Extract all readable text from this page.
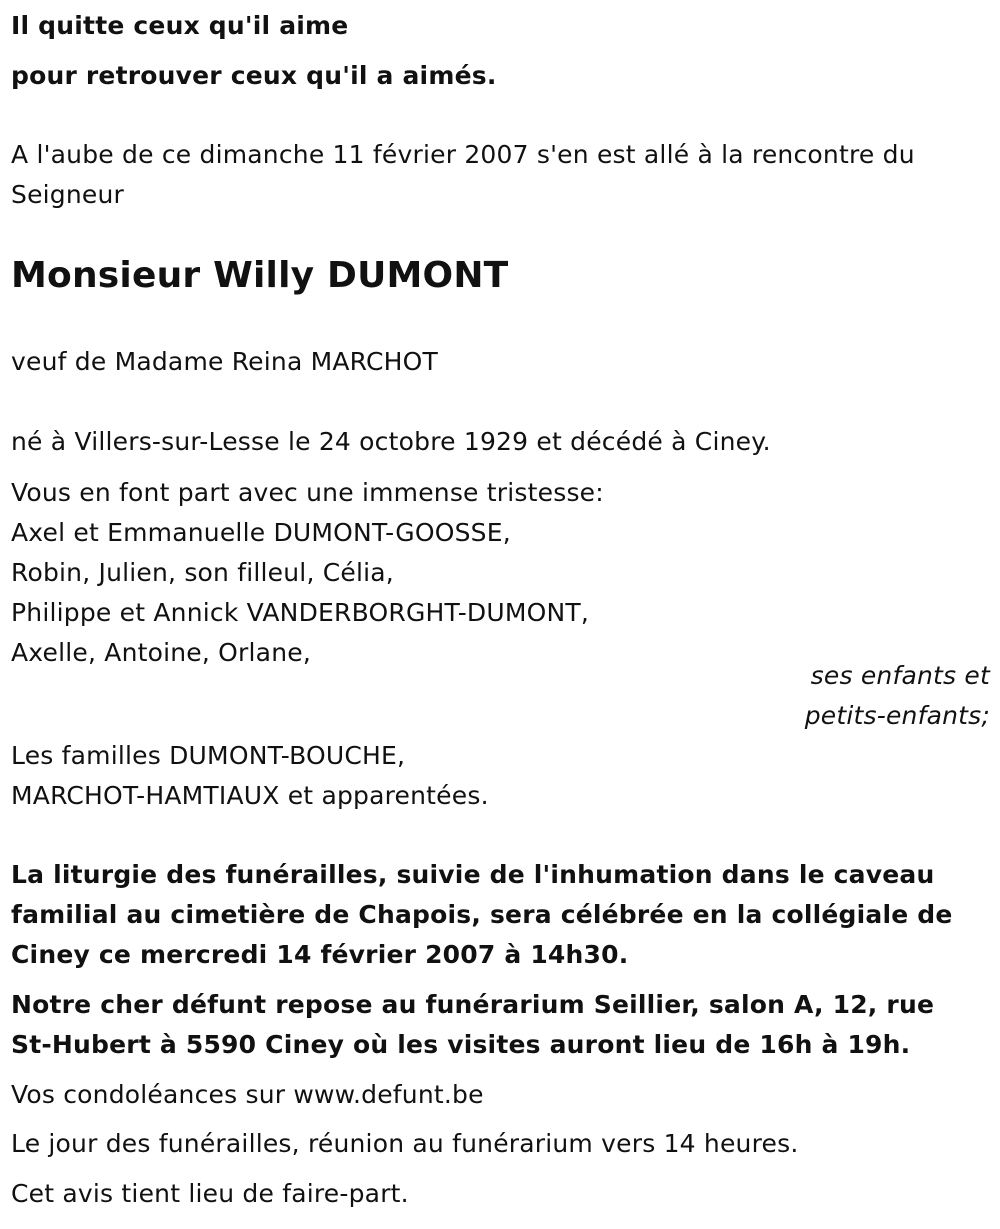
Il quitte ceux qu'il aime
pour retrouver ceux qu'il a aimés.
A l'aube de ce dimanche 11 février 2007 s'en est allé à la rencontre du
Seigneur
Monsieur Willy DUMONT
veuf de Madame Reina MARCHOT
né à Villers-sur-Lesse le 24 octobre 1929 et décédé à Ciney.
Vous en font part avec une immense tristesse:
Axel et Emmanuelle DUMONT-GOOSSE,
Robin, Julien, son filleul, Célia,
Philippe et Annick VANDERBORGHT-DUMONT,
Axelle, Antoine, Orlane,
ses enfants et
petits-enfants;
Les familles DUMONT-BOUCHE,
MARCHOT-HAMTIAUX et apparentées.
La liturgie des funérailles, suivie de l'inhumation dans le caveau
familial au cimetière de Chapois, sera célébrée en la collégiale de
Ciney ce mercredi 14 février 2007 à 14h30.
Notre cher défunt repose au funérarium Seillier, salon A, 12, rue
St-Hubert à 5590 Ciney où les visites auront lieu de 16h à 19h.
Vos condoléances sur www.defunt.be
Le jour des funérailles, réunion au funérarium vers 14 heures.
Cet avis tient lieu de faire-part.
